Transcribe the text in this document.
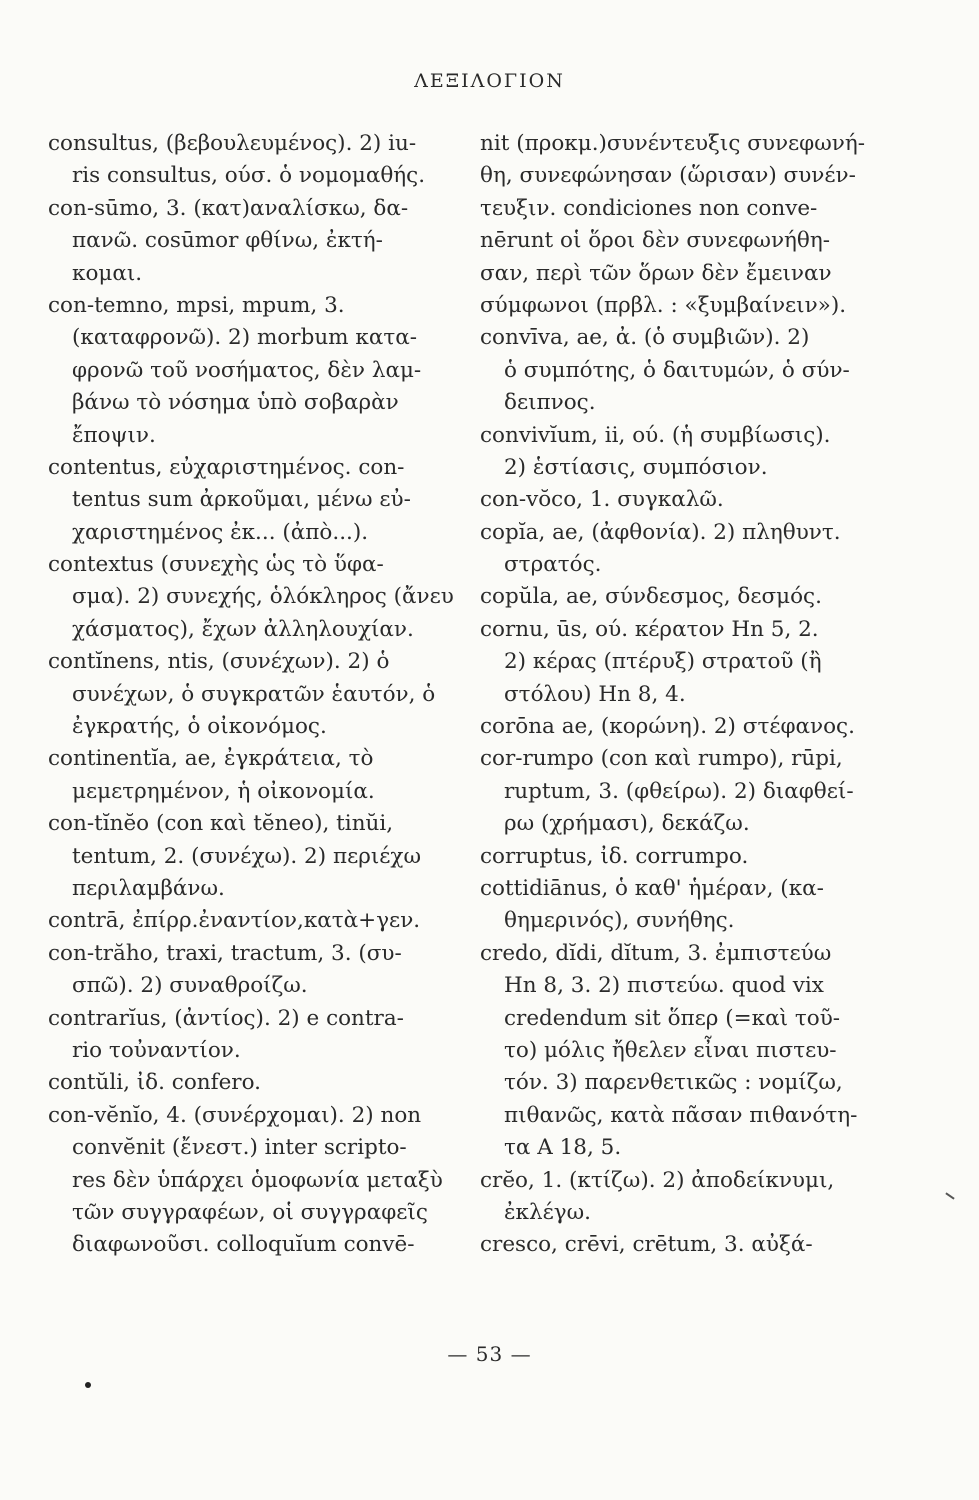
ΛΕΞΙΛΟΓΙΟΝ
consultus, (βεβουλευμένος). 2) iu-
ris consultus, ούσ. ὁ νομομαθής.
con-sūmo, 3. (κατ)αναλίσκω, δα-
πανῶ. cosūmor φθίνω, ἐκτή-
κομαι.
con-temno, mpsi, mpum, 3.
(καταφρονῶ). 2) morbum κατα-
φρονῶ τοῦ νοσήματος, δὲν λαμ-
βάνω τὸ νόσημα ὑπὸ σοβαρὰν
ἔποψιν.
contentus, εὐχαριστημένος. con-
tentus sum ἀρκοῦμαι, μένω εὐ-
χαριστημένος ἐκ... (ἀπὸ...).
contextus (συνεχὴς ὡς τὸ ὕφα-
σμα). 2) συνεχής, ὁλόκληρος (ἄνευ
χάσματος), ἔχων ἀλληλουχίαν.
contĭnens, ntis, (συνέχων). 2) ὁ
συνέχων, ὁ συγκρατῶν ἑαυτόν, ὁ
ἐγκρατής, ὁ οἰκονόμος.
continentĭa, ae, ἐγκράτεια, τὸ
μεμετρημένον, ἡ οἰκονομία.
con-tĭnĕo (con καὶ tĕneo), tinŭi,
tentum, 2. (συνέχω). 2) περιέχω
περιλαμβάνω.
contrā, ἐπίρρ.ἐναντίον,κατὰ+γεν.
con-trăho, traxi, tractum, 3. (συ-
σπῶ). 2) συναθροίζω.
contrarĭus, (ἀντίος). 2) e contra-
rio τοὐναντίον.
contŭli, ἰδ. confero.
con-vĕnĭo, 4. (συνέρχομαι). 2) non
convĕnit (ἔνεστ.) inter scripto-
res δὲν ὑπάρχει ὁμοφωνία μεταξὺ
τῶν συγγραφέων, οἱ συγγραφεῖς
διαφωνοῦσι. colloquĭum convē-
nit (προκμ.)συνέντευξις συνεφωνή-
θη, συνεφώνησαν (ὥρισαν) συνέν-
τευξιν. condiciones non conve-
nērunt οἱ ὅροι δὲν συνεφωνήθη-
σαν, περὶ τῶν ὅρων δὲν ἔμειναν
σύμφωνοι (πρβλ. : «ξυμβαίνειν»).
convīva, ae, ἀ. (ὁ συμβιῶν). 2)
ὁ συμπότης, ὁ δαιτυμών, ὁ σύν-
δειπνος.
convivĭum, ii, ού. (ἡ συμβίωσις).
2) ἑστίασις, συμπόσιον.
con-vŏco, 1. συγκαλῶ.
copĭa, ae, (ἀφθονία). 2) πληθυντ.
στρατός.
copŭla, ae, σύνδεσμος, δεσμός.
cornu, ūs, ού. κέρατον Ηn 5, 2.
2) κέρας (πτέρυξ) στρατοῦ (ἢ
στόλου) Ηn 8, 4.
corōna ae, (κορώνη). 2) στέφανος.
cor-rumpo (con καὶ rumpo), rūpi,
ruptum, 3. (φθείρω). 2) διαφθεί-
ρω (χρήμασι), δεκάζω.
corruptus, ἰδ. corrumpo.
cottidiānus, ὁ καθ' ἡμέραν, (κα-
θημερινός), συνήθης.
credo, dĭdi, dĭtum, 3. ἐμπιστεύω
Ηn 8, 3. 2) πιστεύω. quod vix
credendum sit ὅπερ (=καὶ τοῦ-
το) μόλις ἤθελεν εἶναι πιστευ-
τόν. 3) παρενθετικῶς : νομίζω,
πιθανῶς, κατὰ πᾶσαν πιθανότη-
τα Α 18, 5.
crĕo, 1. (κτίζω). 2) ἀποδείκνυμι,
ἐκλέγω.
cresco, crēvi, crētum, 3. αὐξά-
— 53 —
